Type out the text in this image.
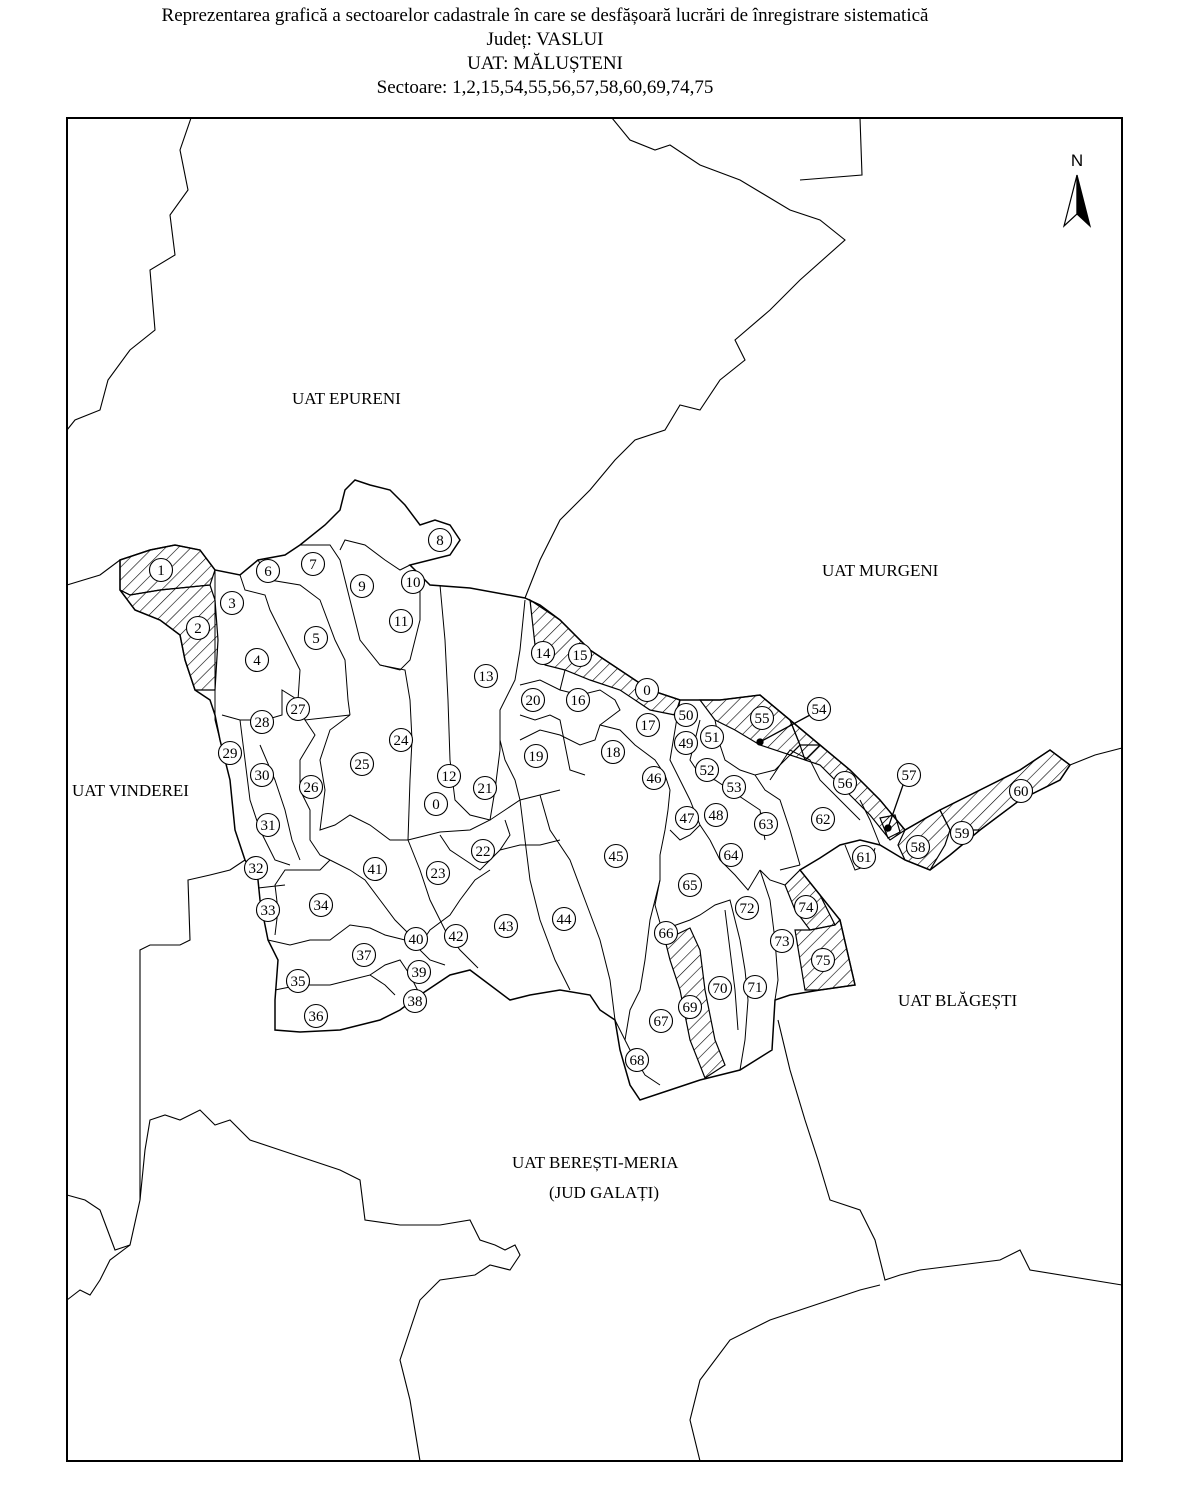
Reprezentarea grafică a sectoarelor cadastrale în care se desfășoară lucrări de înregistrare sistematică
Județ: VASLUI
UAT: MĂLUȘTENI
Sectoare: 1,2,15,54,55,56,57,58,60,69,74,75
N
UAT EPURENI
UAT MURGENI
UAT VINDEREI
UAT BLĂGEȘTI
UAT BEREȘTI-MERIA
(JUD GALAȚI)
1
2
3
4
5
6	7
8
9	10
11
12
13
14 15
16
17
18
19
20
21
22
23
24
25
26
27
28
29
30
31
32
33	34
35
36
37
38
39
40
41
42
43	44
45
46
47 48
49
50
51
52
53
54
55
56	57
58
59
60
61
62
63
64
65
66
67
68
69
70 71
72
73
74
75
0
0
